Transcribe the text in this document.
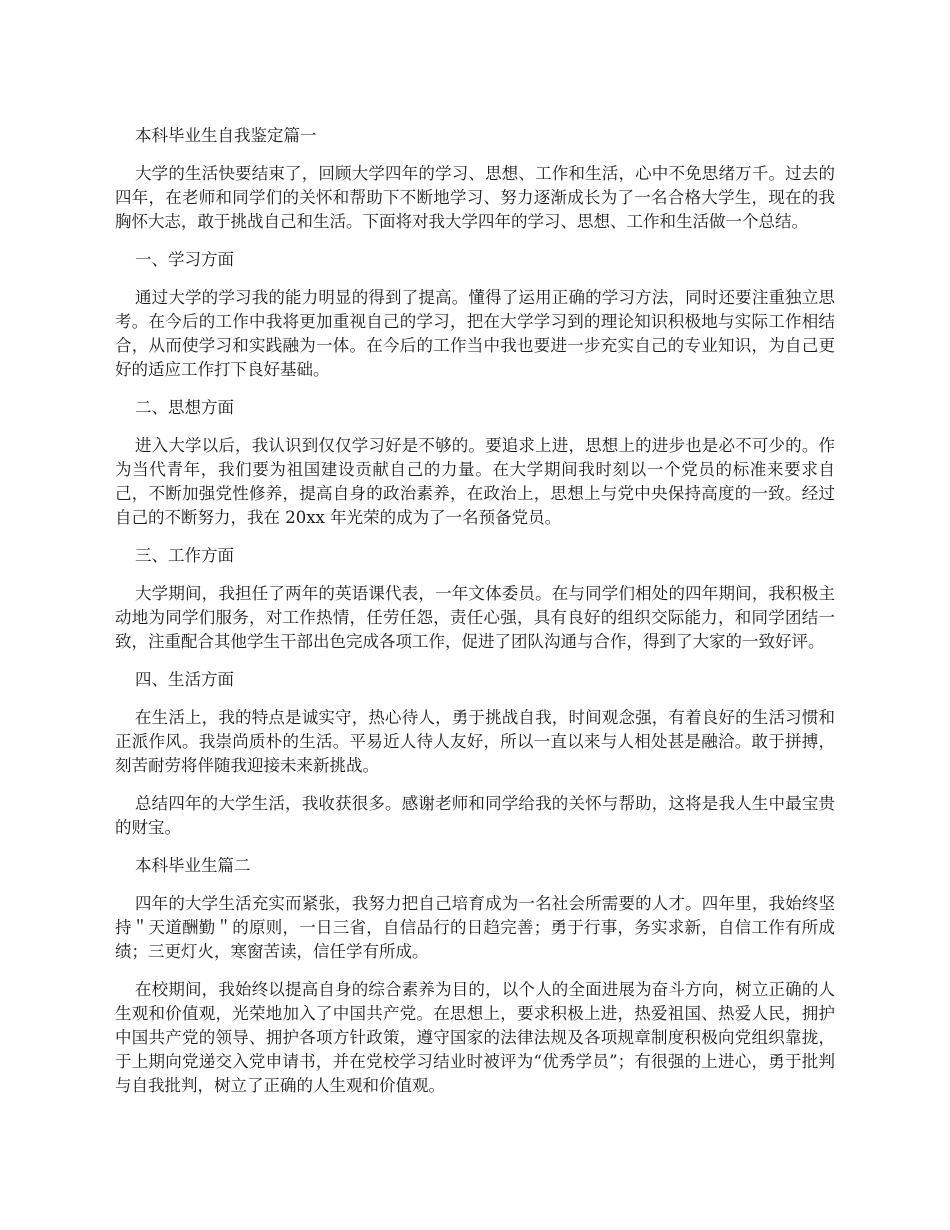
本科毕业生自我鉴定篇一

大学的生活快要结束了，回顾大学四年的学习、思想、工作和生活，心中不免思绪万千。过去的四年，在老师和同学们的关怀和帮助下不断地学习、努力逐渐成长为了一名合格大学生，现在的我胸怀大志，敢于挑战自己和生活。下面将对我大学四年的学习、思想、工作和生活做一个总结。

一、学习方面

通过大学的学习我的能力明显的得到了提高。懂得了运用正确的学习方法，同时还要注重独立思考。在今后的工作中我将更加重视自己的学习，把在大学学习到的理论知识积极地与实际工作相结合，从而使学习和实践融为一体。在今后的工作当中我也要进一步充实自己的专业知识，为自己更好的适应工作打下良好基础。

二、思想方面

进入大学以后，我认识到仅仅学习好是不够的。要追求上进，思想上的进步也是必不可少的。作为当代青年，我们要为祖国建设贡献自己的力量。在大学期间我时刻以一个党员的标准来要求自己，不断加强党性修养，提高自身的政治素养，在政治上，思想上与党中央保持高度的一致。经过自己的不断努力，我在 20xx 年光荣的成为了一名预备党员。

三、工作方面

大学期间，我担任了两年的英语课代表，一年文体委员。在与同学们相处的四年期间，我积极主动地为同学们服务，对工作热情，任劳任怨，责任心强，具有良好的组织交际能力，和同学团结一致，注重配合其他学生干部出色完成各项工作，促进了团队沟通与合作，得到了大家的一致好评。

四、生活方面

在生活上，我的特点是诚实守，热心待人，勇于挑战自我，时间观念强，有着良好的生活习惯和正派作风。我崇尚质朴的生活。平易近人待人友好，所以一直以来与人相处甚是融洽。敢于拼搏，刻苦耐劳将伴随我迎接未来新挑战。

总结四年的大学生活，我收获很多。感谢老师和同学给我的关怀与帮助，这将是我人生中最宝贵的财宝。

本科毕业生篇二

四年的大学生活充实而紧张，我努力把自己培育成为一名社会所需要的人才。四年里，我始终坚持＂天道酬勤＂的原则，一日三省，自信品行的日趋完善；勇于行事，务实求新，自信工作有所成绩；三更灯火，寒窗苦读，信任学有所成。

在校期间，我始终以提高自身的综合素养为目的，以个人的全面进展为奋斗方向，树立正确的人生观和价值观，光荣地加入了中国共产党。在思想上，要求积极上进，热爱祖国、热爱人民，拥护中国共产党的领导、拥护各项方针政策，遵守国家的法律法规及各项规章制度积极向党组织靠拢，于上期向党递交入党申请书，并在党校学习结业时被评为“优秀学员”；有很强的上进心，勇于批判与自我批判，树立了正确的人生观和价值观。
